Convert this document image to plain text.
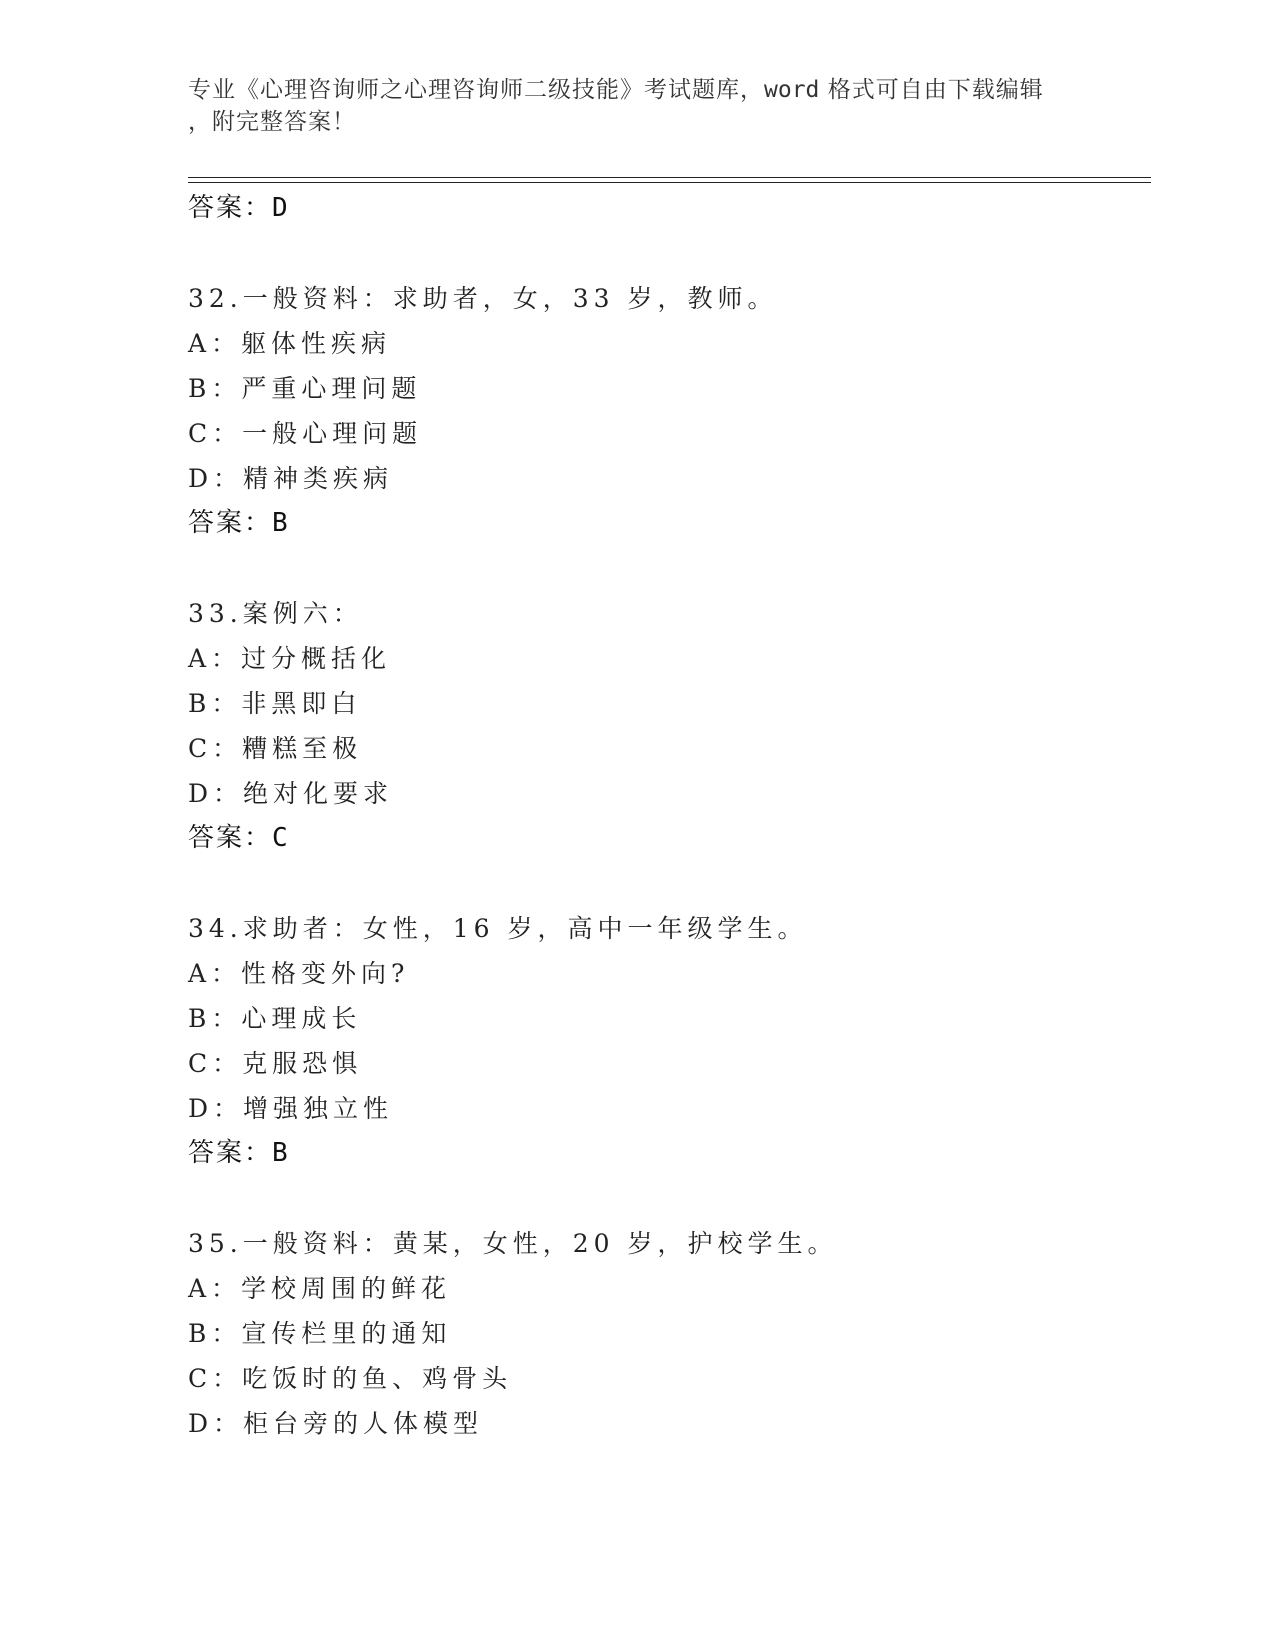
专业《心理咨询师之心理咨询师二级技能》考试题库，word 格式可自由下载编辑
，附完整答案！
答案：D
32.一般资料：求助者，女，33 岁，教师。
A：躯体性疾病
B：严重心理问题
C：一般心理问题
D：精神类疾病
答案：B
33.案例六：
A：过分概括化
B：非黑即白
C：糟糕至极
D：绝对化要求
答案：C
34.求助者：女性，16 岁，高中一年级学生。
A：性格变外向?
B：心理成长
C：克服恐惧
D：增强独立性
答案：B
35.一般资料：黄某，女性，20 岁，护校学生。
A：学校周围的鲜花
B：宣传栏里的通知
C：吃饭时的鱼、鸡骨头
D：柜台旁的人体模型
